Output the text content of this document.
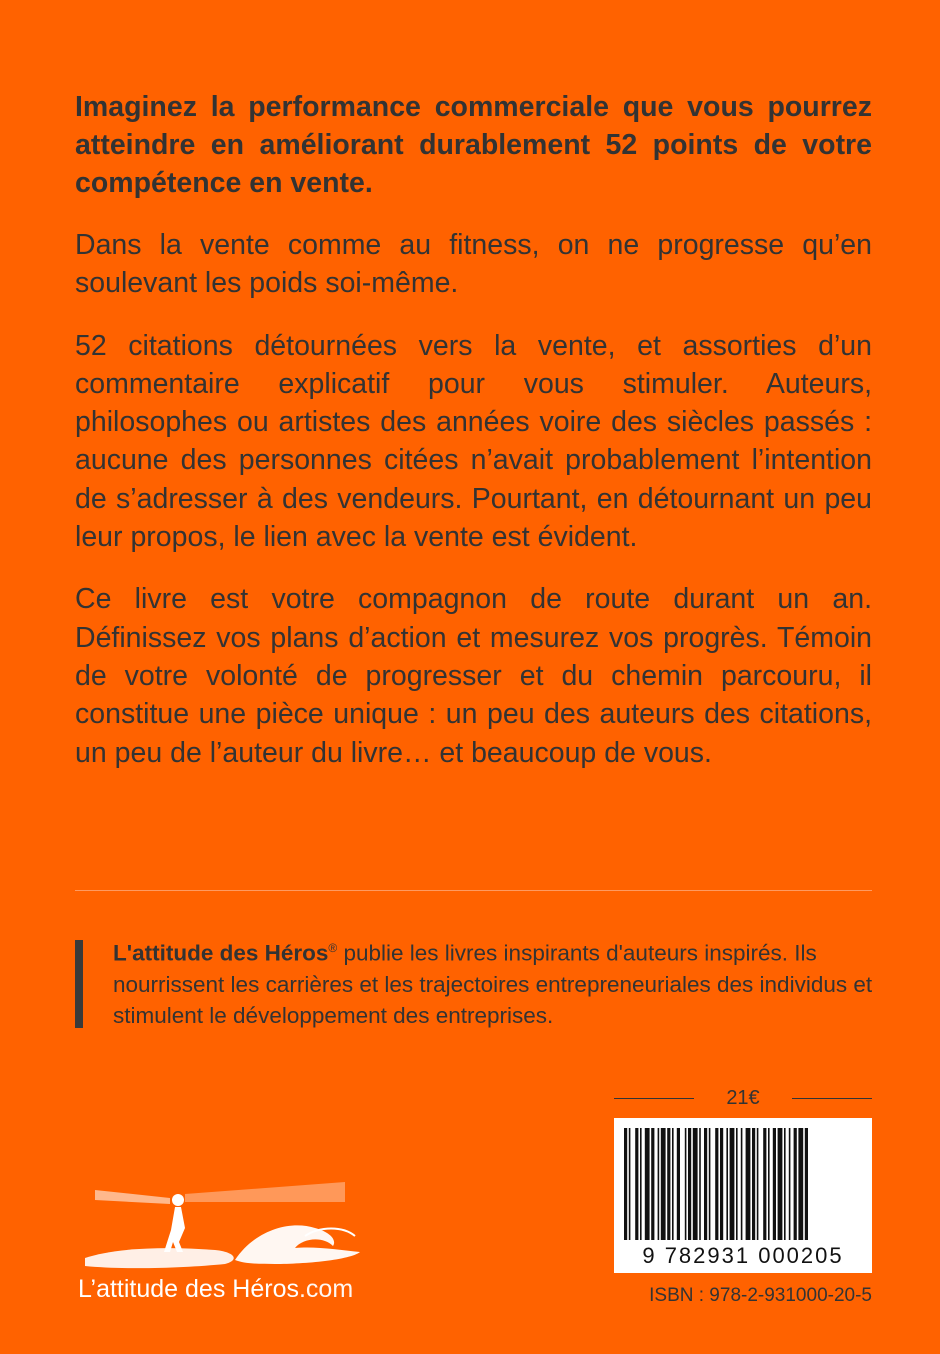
Imaginez la performance commerciale que vous pourrez atteindre en améliorant durablement 52 points de votre compétence en vente.

Dans la vente comme au fitness, on ne progresse qu’en soulevant les poids soi-même.

52 citations détournées vers la vente, et assorties d’un commentaire explicatif pour vous stimuler. Auteurs, philosophes ou artistes des années voire des siècles passés : aucune des personnes citées n’avait probablement l’intention de s’adresser à des vendeurs. Pourtant, en détournant un peu leur propos, le lien avec la vente est évident.

Ce livre est votre compagnon de route durant un an. Définissez vos plans d’action et mesurez vos progrès. Témoin de votre volonté de progresser et du chemin parcouru, il constitue une pièce unique : un peu des auteurs des citations, un peu de l’auteur du livre… et beaucoup de vous.

L'attitude des Héros® publie les livres inspirants d'auteurs inspirés. Ils nourrissent les carrières et les trajectoires entrepreneuriales des individus et stimulent le développement des entreprises.
21€
9 782931 000205
ISBN : 978-2-931000-20-5
L’attitude des Héros.com
